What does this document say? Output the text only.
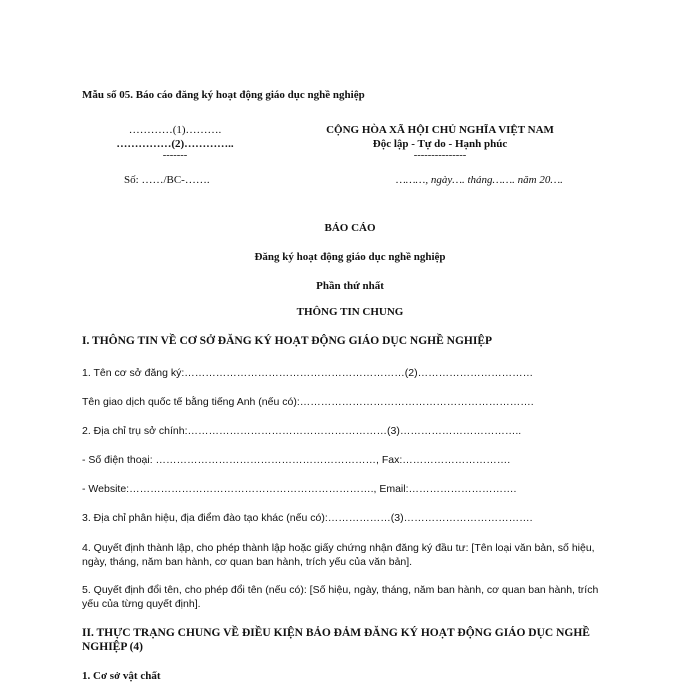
Mẫu số 05. Báo cáo đăng ký hoạt động giáo dục nghề nghiệp
…………(1)……….
……………(2)…………..
-------
CỘNG HÒA XÃ HỘI CHỦ NGHĨA VIỆT NAM
Độc lập - Tự do - Hạnh phúc
---------------
Số: ……/BC-…….	………, ngày…. tháng……. năm 20….
BÁO CÁO
Đăng ký hoạt động giáo dục nghề nghiệp
Phần thứ nhất
THÔNG TIN CHUNG
I. THÔNG TIN VỀ CƠ SỞ ĐĂNG KÝ HOẠT ĐỘNG GIÁO DỤC NGHỀ NGHIỆP
1. Tên cơ sở đăng ký:………………………………………………………(2)……………………………
Tên giao dịch quốc tế bằng tiếng Anh (nếu có):………………………………………………………….
2. Địa chỉ trụ sở chính:…………………………………………………(3)……………………………..
- Số điện thoại: ………………………………………………………, Fax:………………………….
- Website:……………………………………………………………., Email:………………………….
3. Địa chỉ phân hiệu, địa điểm đào tạo khác (nếu có):………………(3)……………………………….
4. Quyết định thành lập, cho phép thành lập hoặc giấy chứng nhận đăng ký đầu tư: [Tên loại văn bản, số hiệu, ngày, tháng, năm ban hành, cơ quan ban hành, trích yếu của văn bản].
5. Quyết định đổi tên, cho phép đổi tên (nếu có): [Số hiệu, ngày, tháng, năm ban hành, cơ quan ban hành, trích yếu của từng quyết định].
II. THỰC TRẠNG CHUNG VỀ ĐIỀU KIỆN BẢO ĐẢM ĐĂNG KÝ HOẠT ĐỘNG GIÁO DỤC NGHỀ NGHIỆP (4)
1. Cơ sở vật chất
